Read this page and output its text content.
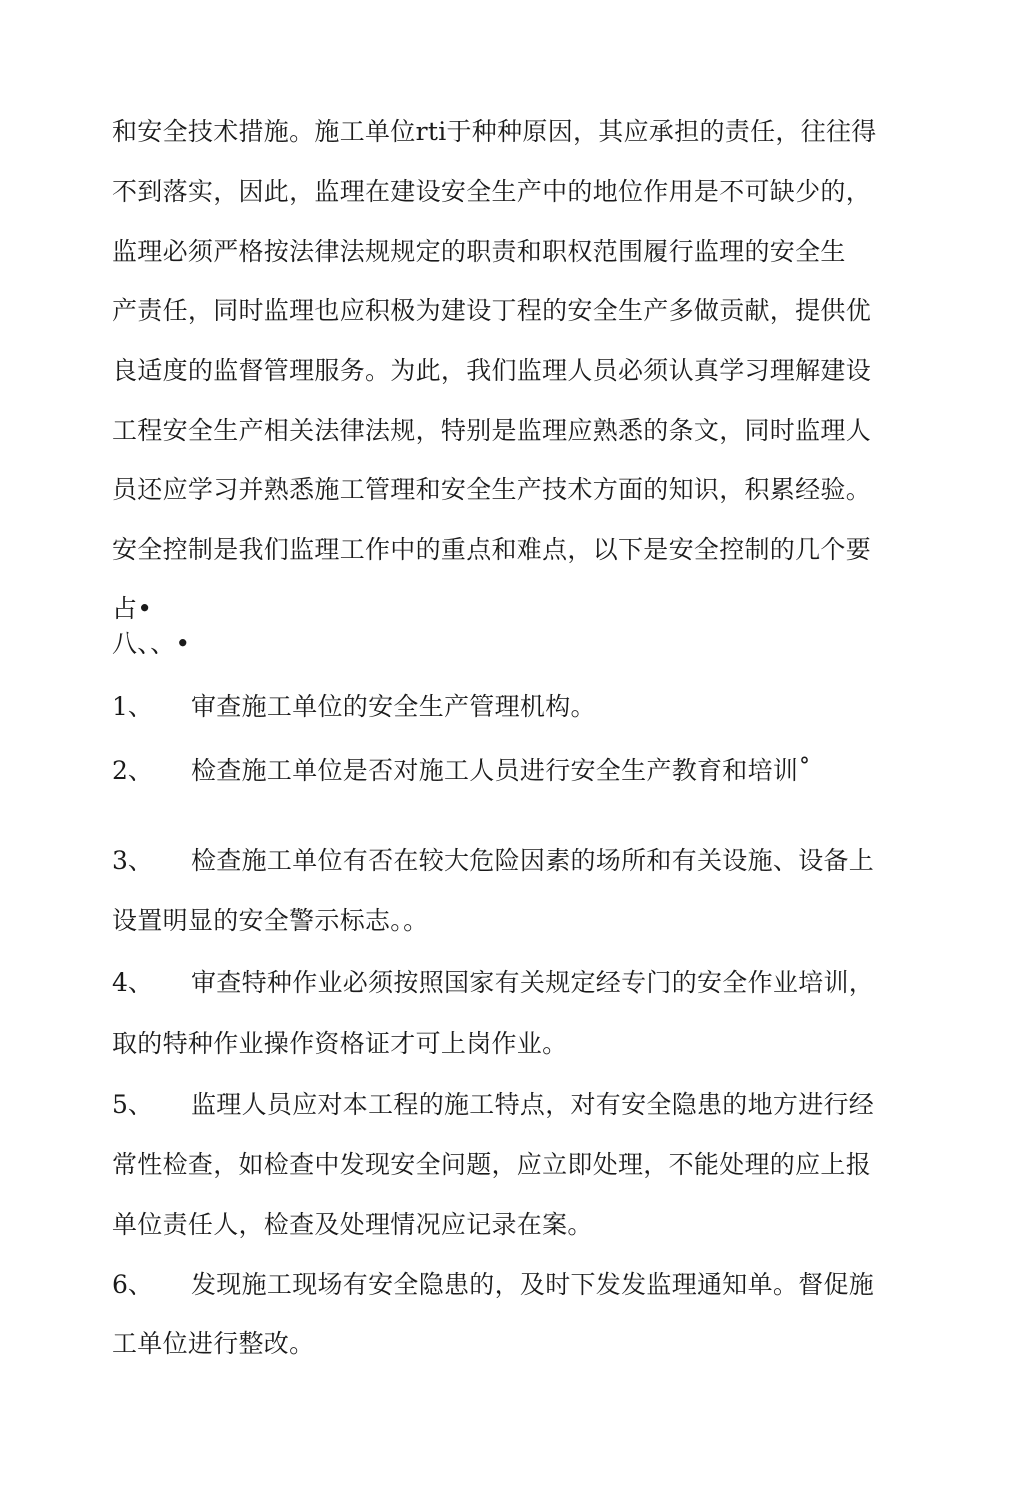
和安全技术措施。施工单位rti于种种原因，其应承担的责任，往往得
不到落实，因此，监理在建设安全生产中的地位作用是不可缺少的，
监理必须严格按法律法规规定的职责和职权范围履行监理的安全生
产责任，同时监理也应积极为建设丁程的安全生产多做贡献，提供优
良适度的监督管理服务。为此，我们监理人员必须认真学习理解建设
工程安全生产相关法律法规，特别是监理应熟悉的条文，同时监理人
员还应学习并熟悉施工管理和安全生产技术方面的知识，积累经验。
安全控制是我们监理工作中的重点和难点，以下是安全控制的几个要
占•
八、、•
1、 审查施工单位的安全生产管理机构。
2、 检查施工单位是否对施工人员进行安全生产教育和培训˚
3、 检查施工单位有否在较大危险因素的场所和有关设施、设备上
设置明显的安全警示标志。。
4、 审查特种作业必须按照国家有关规定经专门的安全作业培训，
取的特种作业操作资格证才可上岗作业。
5、 监理人员应对本工程的施工特点，对有安全隐患的地方进行经
常性检查，如检查中发现安全问题，应立即处理，不能处理的应上报
单位责任人，检查及处理情况应记录在案。
6、 发现施工现场有安全隐患的，及时下发发监理通知单。督促施
工单位进行整改。
